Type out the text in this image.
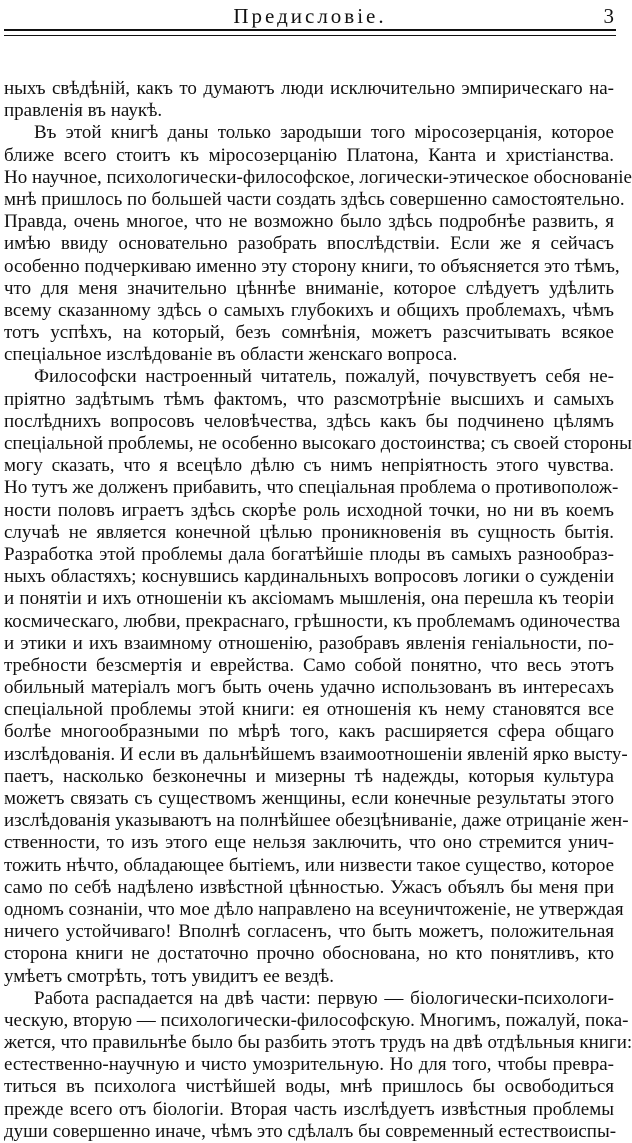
Предисловіе.	3
ныхъ свѣдѣній, какъ то думаютъ люди исключительно эмпирическаго на-
правленія въ наукѣ.
Въ этой книгѣ даны только зародыши того міросозерцанія, которое
ближе всего стоитъ къ міросозерцанію Платона, Канта и христіанства.
Но научное, психологически-философское, логически-этическое обоснованіе
мнѣ пришлось по большей части создать здѣсь совершенно самостоятельно.
Правда, очень многое, что не возможно было здѣсь подробнѣе развить, я
имѣю ввиду основательно разобрать впослѣдствіи. Если же я сейчасъ
особенно подчеркиваю именно эту сторону книги, то объясняется это тѣмъ,
что для меня значительно цѣннѣе вниманіе, которое слѣдуетъ удѣлить
всему сказанному здѣсь о самыхъ глубокихъ и общихъ проблемахъ, чѣмъ
тотъ успѣхъ, на который, безъ сомнѣнія, можетъ разсчитывать всякое
спеціальное изслѣдованіе въ области женскаго вопроса.
Философски настроенный читатель, пожалуй, почувствуетъ себя не-
пріятно задѣтымъ тѣмъ фактомъ, что разсмотрѣніе высшихъ и самыхъ
послѣднихъ вопросовъ человѣчества, здѣсь какъ бы подчинено цѣлямъ
спеціальной проблемы, не особенно высокаго достоинства; съ своей стороны
могу сказать, что я всецѣло дѣлю съ нимъ непріятность этого чувства.
Но тутъ же долженъ прибавить, что спеціальная проблема о противополож-
ности половъ играетъ здѣсь скорѣе роль исходной точки, но ни въ коемъ
случаѣ не является конечной цѣлью проникновенія въ сущность бытія.
Разработка этой проблемы дала богатѣйшіе плоды въ самыхъ разнообраз-
ныхъ областяхъ; коснувшись кардинальныхъ вопросовъ логики о сужденіи
и понятіи и ихъ отношеніи къ аксіомамъ мышленія, она перешла къ теоріи
космическаго, любви, прекраснаго, грѣшности, къ проблемамъ одиночества
и этики и ихъ взаимному отношенію, разобравъ явленія геніальности, по-
требности безсмертія и еврейства. Само собой понятно, что весь этотъ
обильный матеріалъ могъ быть очень удачно использованъ въ интересахъ
спеціальной проблемы этой книги: ея отношенія къ нему становятся все
болѣе многообразными по мѣрѣ того, какъ расширяется сфера общаго
изслѣдованія. И если въ дальнѣйшемъ взаимоотношеніи явленій ярко высту-
паетъ, насколько безконечны и мизерны тѣ надежды, которыя культура
можетъ связать съ существомъ женщины, если конечные результаты этого
изслѣдованія указываютъ на полнѣйшее обезцѣниваніе, даже отрицаніе жен-
ственности, то изъ этого еще нельзя заключить, что оно стремится унич-
тожить нѣчто, обладающее бытіемъ, или низвести такое существо, которое
само по себѣ надѣлено извѣстной цѣнностью. Ужасъ объялъ бы меня при
одномъ сознаніи, что мое дѣло направлено на всеуничтоженіе, не утверждая
ничего устойчиваго! Вполнѣ согласенъ, что быть можетъ, положительная
сторона книги не достаточно прочно обоснована, но кто понятливъ, кто
умѣетъ смотрѣть, тотъ увидитъ ее вездѣ.
Работа распадается на двѣ части: первую — біологически-психологи-
ческую, вторую — психологически-философскую. Многимъ, пожалуй, пока-
жется, что правильнѣе было бы разбить этотъ трудъ на двѣ отдѣльныя книги:
естественно-научную и чисто умозрительную. Но для того, чтобы превра-
титься въ психолога чистѣйшей воды, мнѣ пришлось бы освободиться
прежде всего отъ біологіи. Вторая часть изслѣдуетъ извѣстныя проблемы
души совершенно иначе, чѣмъ это сдѣлалъ бы современный естествоиспы-
